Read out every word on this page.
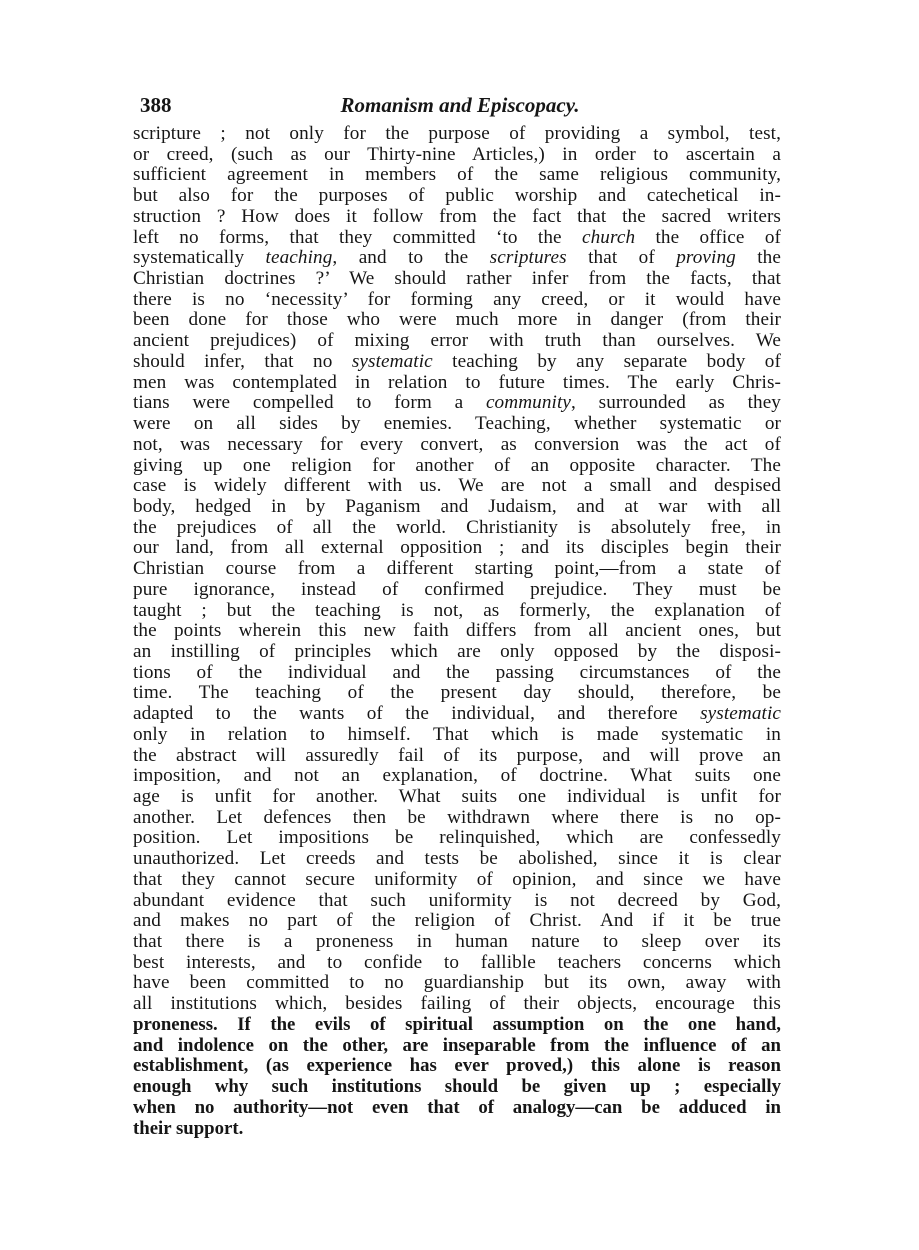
388	Romanism and Episcopacy.
scripture ; not only for the purpose of providing a symbol, test,
or creed, (such as our Thirty-nine Articles,) in order to ascertain a
sufficient agreement in members of the same religious community,
but also for the purposes of public worship and catechetical in-
struction ? How does it follow from the fact that the sacred writers
left no forms, that they committed ‘to the church the office of
systematically teaching, and to the scriptures that of proving the
Christian doctrines ?’ We should rather infer from the facts, that
there is no ‘necessity’ for forming any creed, or it would have
been done for those who were much more in danger (from their
ancient prejudices) of mixing error with truth than ourselves. We
should infer, that no systematic teaching by any separate body of
men was contemplated in relation to future times. The early Chris-
tians were compelled to form a community, surrounded as they
were on all sides by enemies. Teaching, whether systematic or
not, was necessary for every convert, as conversion was the act of
giving up one religion for another of an opposite character. The
case is widely different with us. We are not a small and despised
body, hedged in by Paganism and Judaism, and at war with all
the prejudices of all the world. Christianity is absolutely free, in
our land, from all external opposition ; and its disciples begin their
Christian course from a different starting point,—from a state of
pure ignorance, instead of confirmed prejudice. They must be
taught ; but the teaching is not, as formerly, the explanation of
the points wherein this new faith differs from all ancient ones, but
an instilling of principles which are only opposed by the disposi-
tions of the individual and the passing circumstances of the
time. The teaching of the present day should, therefore, be
adapted to the wants of the individual, and therefore systematic
only in relation to himself. That which is made systematic in
the abstract will assuredly fail of its purpose, and will prove an
imposition, and not an explanation, of doctrine. What suits one
age is unfit for another. What suits one individual is unfit for
another. Let defences then be withdrawn where there is no op-
position. Let impositions be relinquished, which are confessedly
unauthorized. Let creeds and tests be abolished, since it is clear
that they cannot secure uniformity of opinion, and since we have
abundant evidence that such uniformity is not decreed by God,
and makes no part of the religion of Christ. And if it be true
that there is a proneness in human nature to sleep over its
best interests, and to confide to fallible teachers concerns which
have been committed to no guardianship but its own, away with
all institutions which, besides failing of their objects, encourage this
proneness. If the evils of spiritual assumption on the one hand,
and indolence on the other, are inseparable from the influence of an
establishment, (as experience has ever proved,) this alone is reason
enough why such institutions should be given up ; especially
when no authority—not even that of analogy—can be adduced in
their support.
